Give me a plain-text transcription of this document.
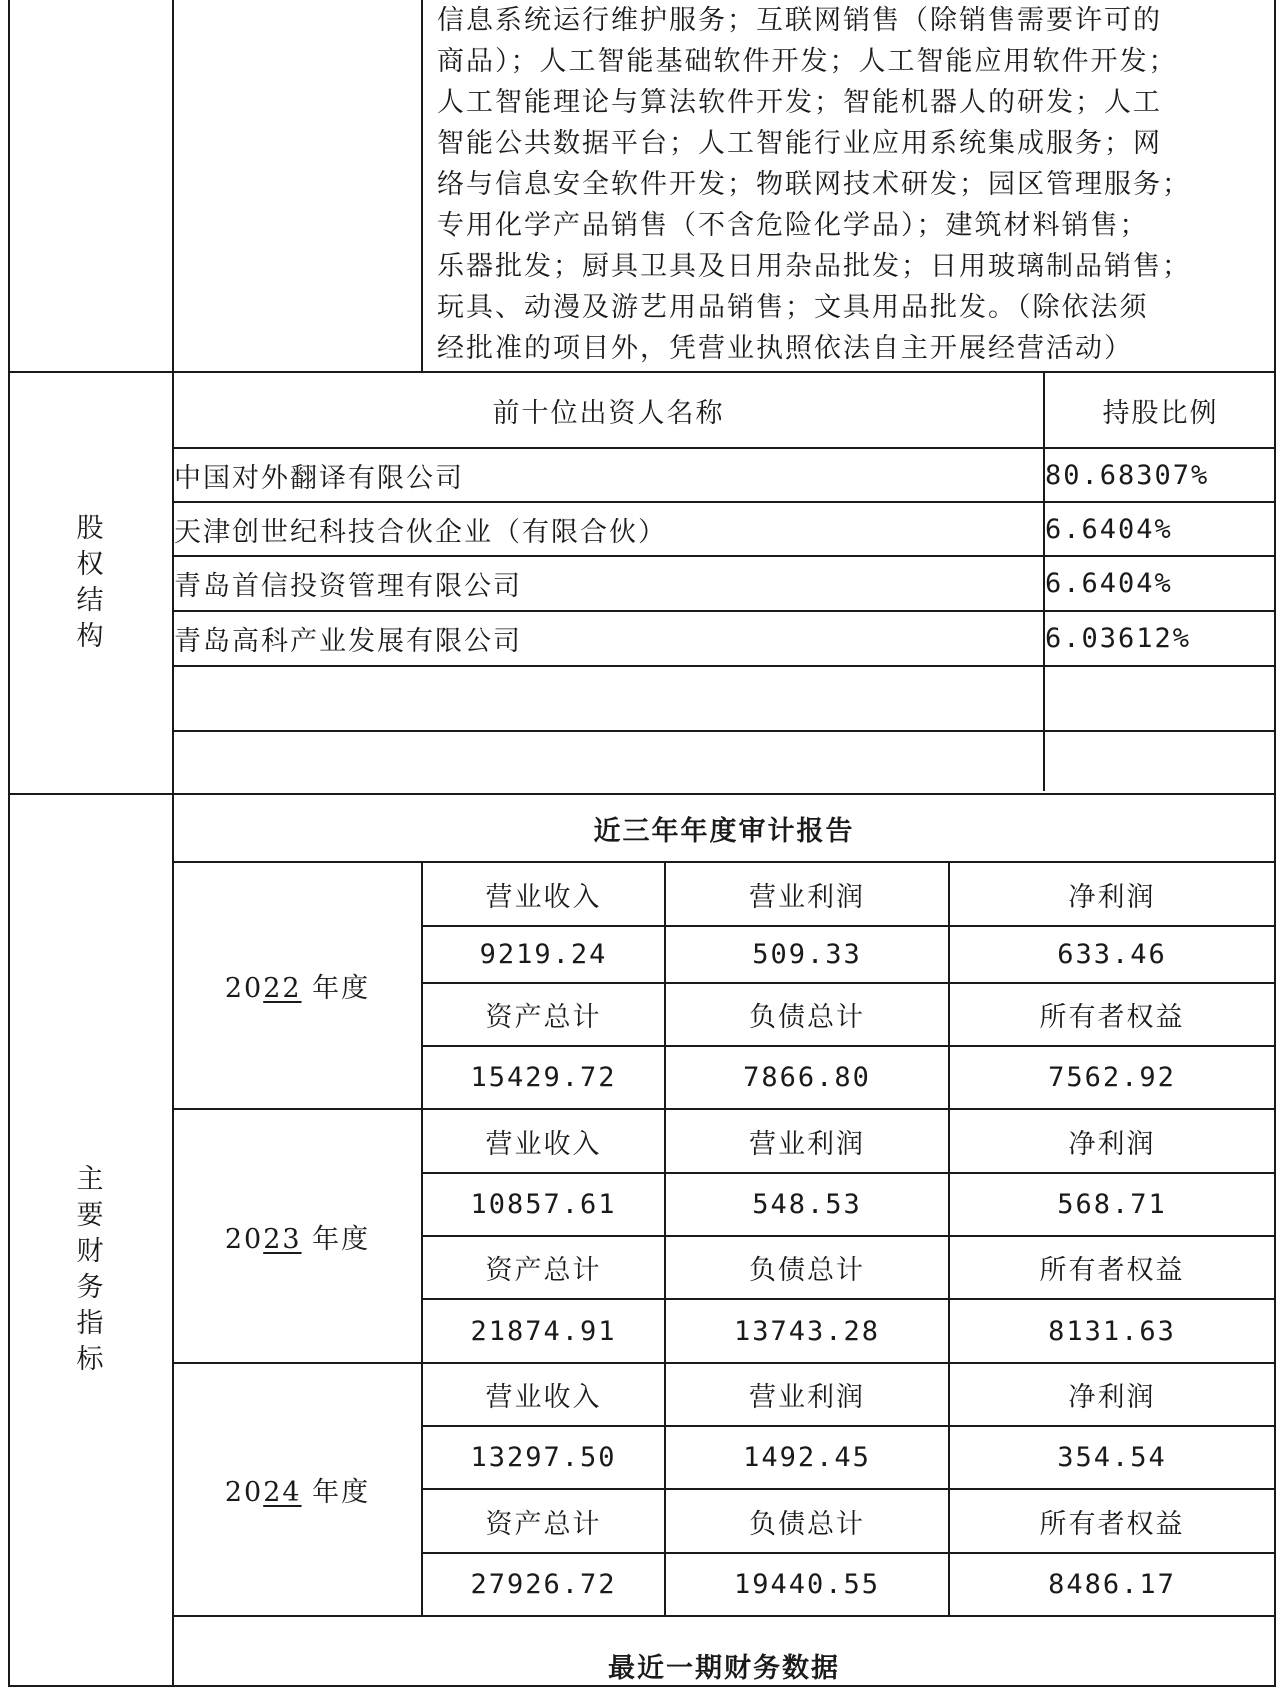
信息系统运行维护服务；互联网销售（除销售需要许可的
商品）；人工智能基础软件开发；人工智能应用软件开发；
人工智能理论与算法软件开发；智能机器人的研发；人工
智能公共数据平台；人工智能行业应用系统集成服务；网
络与信息安全软件开发；物联网技术研发；园区管理服务；
专用化学产品销售（不含危险化学品）；建筑材料销售；
乐器批发；厨具卫具及日用杂品批发；日用玻璃制品销售；
玩具、动漫及游艺用品销售；文具用品批发。（除依法须
经批准的项目外，凭营业执照依法自主开展经营活动）

股
权
结
构

前十位出资人名称	持股比例
中国对外翻译有限公司	80.68307%
天津创世纪科技合伙企业（有限合伙）	6.6404%
青岛首信投资管理有限公司	6.6404%
青岛高科产业发展有限公司	6.03612%

主
要
财
务
指
标
	近三年年度审计报告
2022 年度	营业收入	营业利润	净利润
9219.24	509.33	633.46
资产总计	负债总计	所有者权益
15429.72	7866.80	7562.92
2023 年度	营业收入	营业利润	净利润
10857.61	548.53	568.71
资产总计	负债总计	所有者权益
21874.91	13743.28	8131.63
2024 年度	营业收入	营业利润	净利润
13297.50	1492.45	354.54
资产总计	负债总计	所有者权益
27926.72	19440.55	8486.17
最近一期财务数据
